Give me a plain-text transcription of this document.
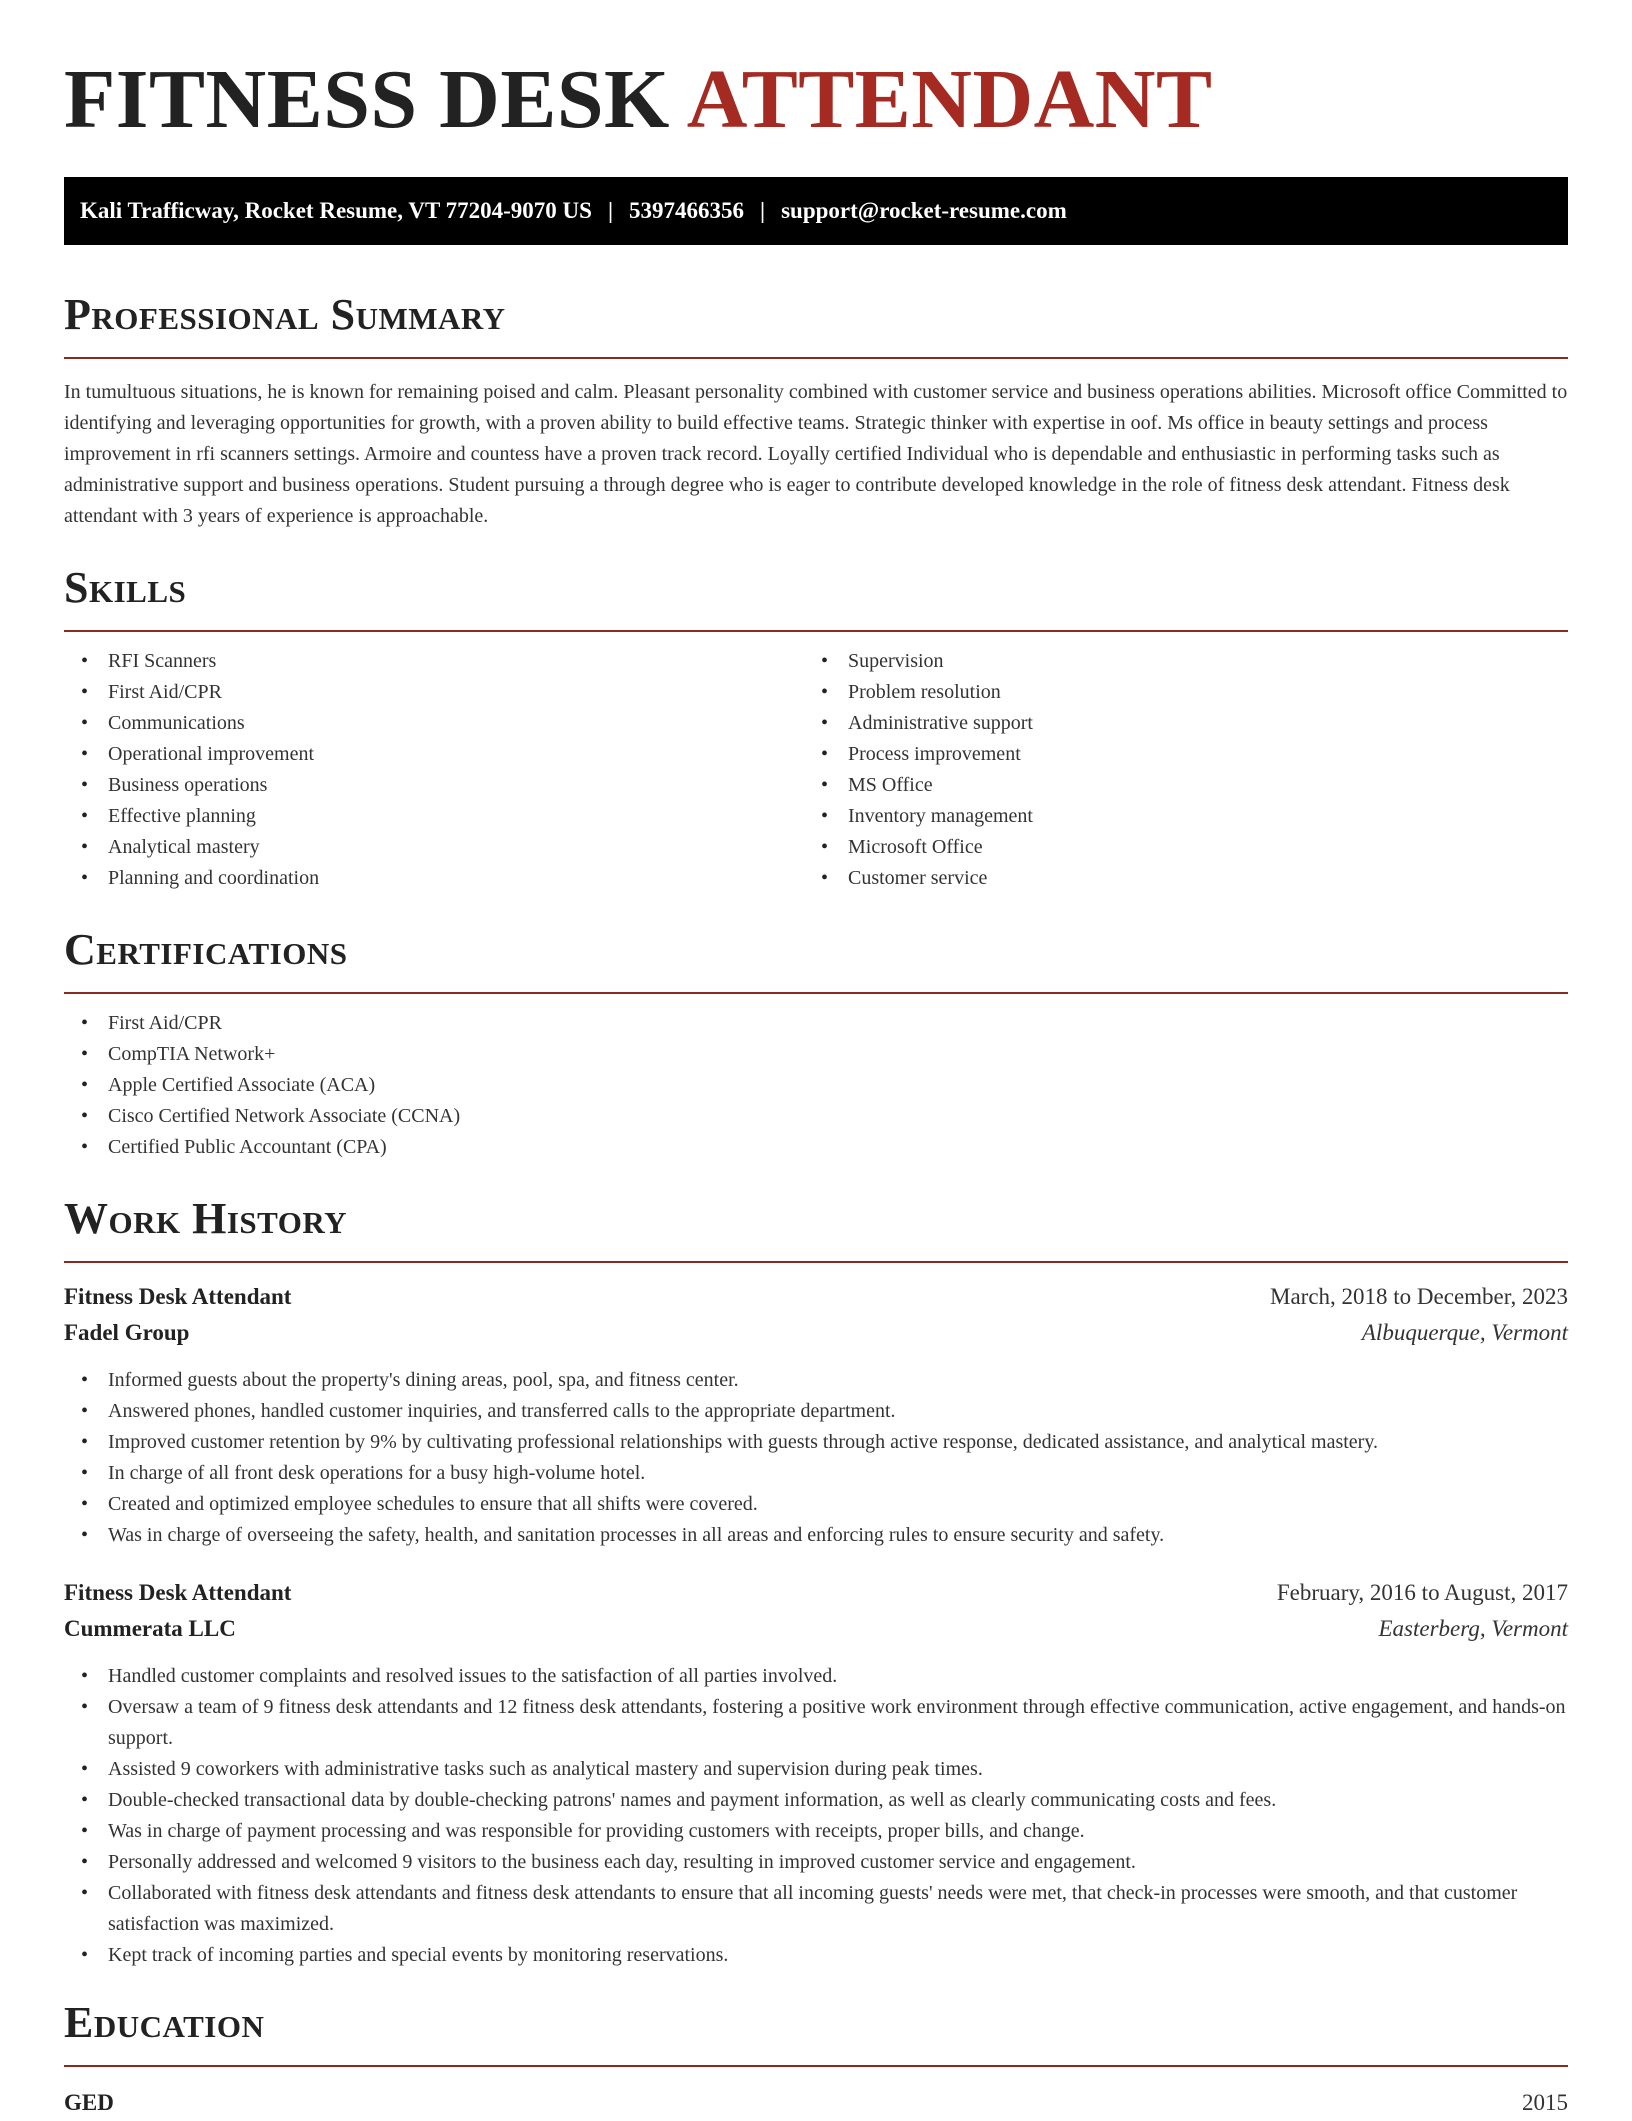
FITNESS DESK ATTENDANT
Kali Trafficway, Rocket Resume, VT 77204-9070 US | 5397466356 | support@rocket-resume.com
Professional Summary

In tumultuous situations, he is known for remaining poised and calm. Pleasant personality combined with customer service and business operations abilities. Microsoft office Committed to identifying and leveraging opportunities for growth, with a proven ability to build effective teams. Strategic thinker with expertise in oof. Ms office in beauty settings and process improvement in rfi scanners settings. Armoire and countess have a proven track record. Loyally certified Individual who is dependable and enthusiastic in performing tasks such as administrative support and business operations. Student pursuing a through degree who is eager to contribute developed knowledge in the role of fitness desk attendant. Fitness desk attendant with 3 years of experience is approachable.

Skills
• RFI Scanners
• First Aid/CPR
• Communications
• Operational improvement
• Business operations
• Effective planning
• Analytical mastery
• Planning and coordination
• Supervision
• Problem resolution
• Administrative support
• Process improvement
• MS Office
• Inventory management
• Microsoft Office
• Customer service
Certifications
• First Aid/CPR
• CompTIA Network+
• Apple Certified Associate (ACA)
• Cisco Certified Network Associate (CCNA)
• Certified Public Accountant (CPA)
Work History
Fitness Desk Attendant	March, 2018 to December, 2023
Fadel Group	Albuquerque, Vermont
• Informed guests about the property's dining areas, pool, spa, and fitness center.
• Answered phones, handled customer inquiries, and transferred calls to the appropriate department.
• Improved customer retention by 9% by cultivating professional relationships with guests through active response, dedicated assistance, and analytical mastery.
• In charge of all front desk operations for a busy high-volume hotel.
• Created and optimized employee schedules to ensure that all shifts were covered.
• Was in charge of overseeing the safety, health, and sanitation processes in all areas and enforcing rules to ensure security and safety.
Fitness Desk Attendant	February, 2016 to August, 2017
Cummerata LLC	Easterberg, Vermont
• Handled customer complaints and resolved issues to the satisfaction of all parties involved.
• Oversaw a team of 9 fitness desk attendants and 12 fitness desk attendants, fostering a positive work environment through effective communication, active engagement, and hands-on support.
• Assisted 9 coworkers with administrative tasks such as analytical mastery and supervision during peak times.
• Double-checked transactional data by double-checking patrons' names and payment information, as well as clearly communicating costs and fees.
• Was in charge of payment processing and was responsible for providing customers with receipts, proper bills, and change.
• Personally addressed and welcomed 9 visitors to the business each day, resulting in improved customer service and engagement.
• Collaborated with fitness desk attendants and fitness desk attendants to ensure that all incoming guests' needs were met, that check-in processes were smooth, and that customer satisfaction was maximized.
• Kept track of incoming parties and special events by monitoring reservations.
Education
GED	2015
